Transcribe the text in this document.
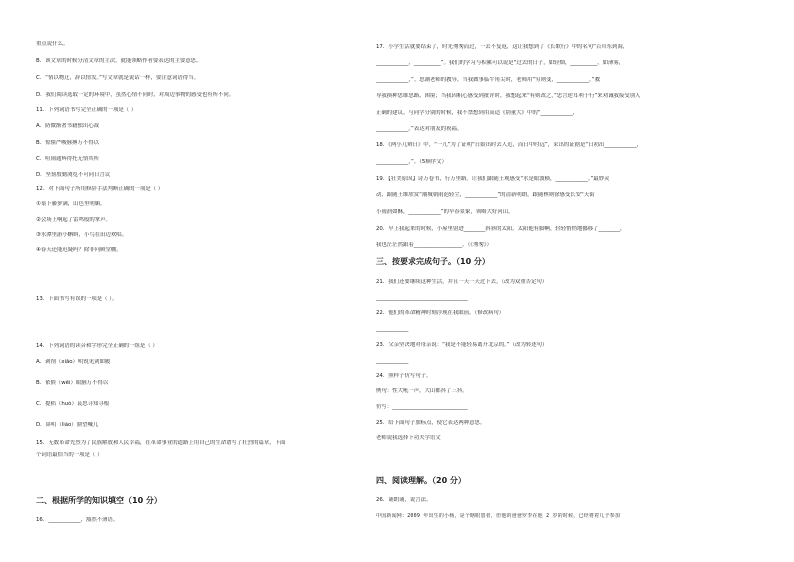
重点说什么。
B．该文章的时候分清文章的主次，就能领略作者要表达的主要意思。
C．“情以物迁，辞以情发。”写文章就是说话一样，要注意词语得当。
D．我们阅读选取一定的环境中，虽然心情不同时，对周边事物的感受也有所不同。
11．下列词语书写完全正确的一项是（ ）
A．防微渐著书籍独出心裁
B．惊憧严峻脉搏万不得以
C．喧闹通辉得托无情其所
D．坚韧殷勤浏览不可同日言议
12．对下面句子所用修辞手法判断正确的一项是（ ）
①桌下藤萝满，山色里明媚。
②会场上响起了雷鸣般的掌声。
③水潭里游小蝌蚪，小鸟在田边欢唱。
④春天还能迟疑吗？除非问殿堂棚。
13．下面书写有误的一项是（ ）。
14．下列词语的读音和字形完全正确的一组是（ ）
A．剥削（xiāo）明锐见剑如履
B．依偎（wēi）眼脑万不得以
C．提稻（huò）哀思寻知寻根
D．鼻明（liáo）鼎望喊儿
15．无数革命先烈为了民族解放和人民幸福，在革命事业的道路上用自己的生命谱写了壮烈的篇章，下面
个词语最恰当的一项是（ ）
二、根据所学的知识填空（10 分）
16．____________，豁然不薄语。
17．小学生活就要结束了，时光匆匆而过，一去不复返，这让我想到了《长歌行》中的名句“百川东到海，
____________，__________”。我们的学习与积累可以说是“过去的日子，如轻烟，__________，如薄雾，
____________，”。思潮老师的教导，当我做事临牛角尖时，老师用“穷则变，____________，”教
导我换种思维思路、困境；当我因粗心感受到批评时，我想起来“有则改之，”忠言逆耳利于行”来劝诫我接受别人
正确的建议。与同学分别的时候，我不禁想到用高适《别董大》中的“____________，
____________。”表达对朋友的祝福。
18．《两小儿辩日》中，“一儿”为了证明“日始出时去人近，而日中时远”，采出的证据是“日初出____________，
____________，”。（5顺序文）
19．【壮美原因】诗万卷书，行万里路。让我们跟随王观感受“水是眼波横，____________。”最妙灵
动，跟随王维欣赏“潮城朝雨浥轻尘，____________”的清新明朗，跟随林则徐感受长安“天街
小雨润如酥，____________”的早春景象，领略大好河山。
20．早上我起来的时候，小屋里射进________斜斜的太阳。太阳他有脚啊，轻轻悄悄地挪移了________，
我也茫茫然跟着__________________。（《匆匆》）
三、按要求完成句子。（10 分）
21．我们还要继续这种生活，并且一天一天过下去。（改为双重否定句）
__________________________________
22．他们的革命精神时刻浮现在我眼前。（修改病句）
____________
23．父亲坚决地对母亲说：“我是不能轻易离开北京的。”（改为转述句）
____________
24．照样子仿写句子。
例句：性大吼一声，大山都抖了三抖。
仿写：____________________________
25．给下面句子加标点，使它表达两种意思。
老师说我选择下功夫学语文
四、阅读理解。（20 分）
26．诵朗诵，说言法。
中国新闻网：2009 年出生的小杨，是个瞎眼患者，但他的爸爸罗李在他 2 岁的时候，已经将着儿子参加
